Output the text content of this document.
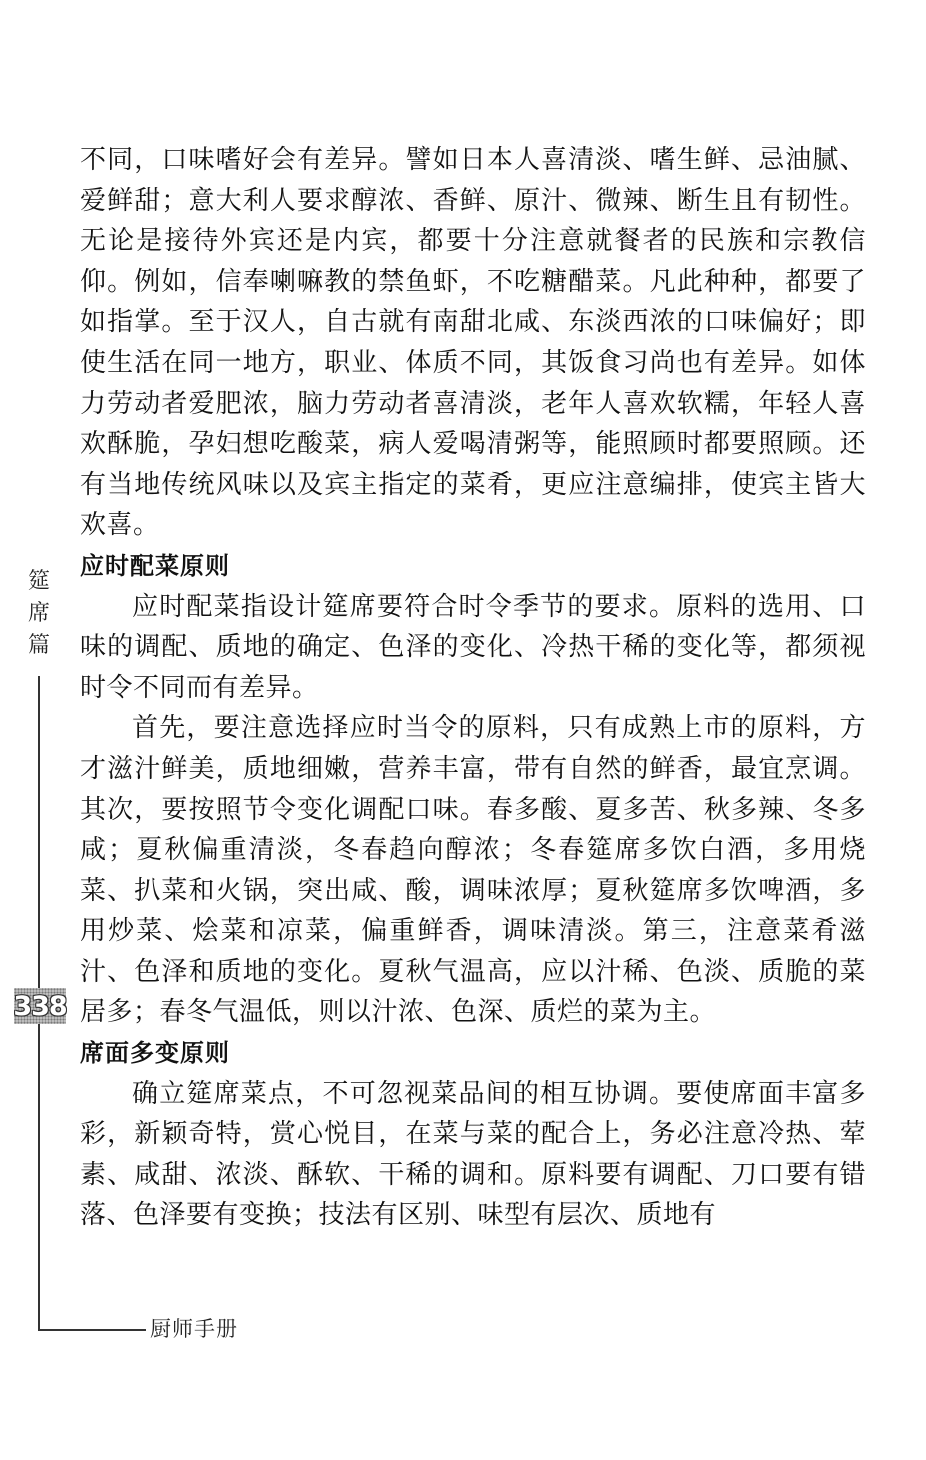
不同，口味嗜好会有差异。譬如日本人喜清淡、嗜生鲜、忌油腻、爱鲜甜；意大利人要求醇浓、香鲜、原汁、微辣、断生且有韧性。无论是接待外宾还是内宾，都要十分注意就餐者的民族和宗教信仰。例如，信奉喇嘛教的禁鱼虾，不吃糖醋菜。凡此种种，都要了如指掌。至于汉人，自古就有南甜北咸、东淡西浓的口味偏好；即使生活在同一地方，职业、体质不同，其饭食习尚也有差异。如体力劳动者爱肥浓，脑力劳动者喜清淡，老年人喜欢软糯，年轻人喜欢酥脆，孕妇想吃酸菜，病人爱喝清粥等，能照顾时都要照顾。还有当地传统风味以及宾主指定的菜肴，更应注意编排，使宾主皆大欢喜。

应时配菜原则

应时配菜指设计筵席要符合时令季节的要求。原料的选用、口味的调配、质地的确定、色泽的变化、冷热干稀的变化等，都须视时令不同而有差异。

首先，要注意选择应时当令的原料，只有成熟上市的原料，方才滋汁鲜美，质地细嫩，营养丰富，带有自然的鲜香，最宜烹调。其次，要按照节令变化调配口味。春多酸、夏多苦、秋多辣、冬多咸；夏秋偏重清淡，冬春趋向醇浓；冬春筵席多饮白酒，多用烧菜、扒菜和火锅，突出咸、酸，调味浓厚；夏秋筵席多饮啤酒，多用炒菜、烩菜和凉菜，偏重鲜香，调味清淡。第三，注意菜肴滋汁、色泽和质地的变化。夏秋气温高，应以汁稀、色淡、质脆的菜居多；春冬气温低，则以汁浓、色深、质烂的菜为主。

席面多变原则

确立筵席菜点，不可忽视菜品间的相互协调。要使席面丰富多彩，新颖奇特，赏心悦目，在菜与菜的配合上，务必注意冷热、荤素、咸甜、浓淡、酥软、干稀的调和。原料要有调配、刀口要有错落、色泽要有变换；技法有区别、味型有层次、质地有

筵
席
篇
338
厨师手册
